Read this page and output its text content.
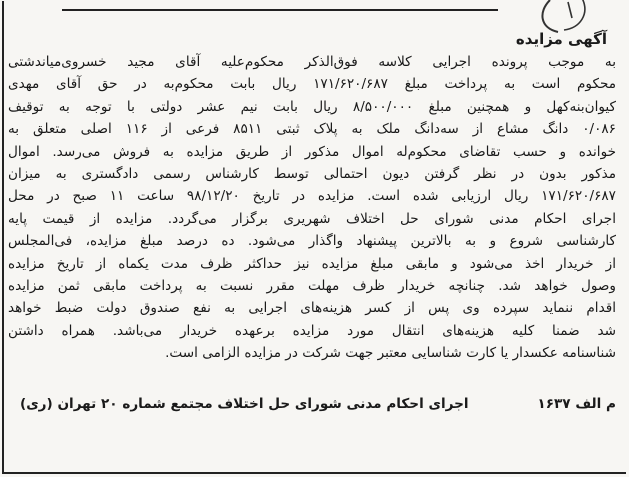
آگهی مزایده
به موجب پرونده اجرایی کلاسه فوق‌الذکر محکوم‌علیه آقای مجید خسروی‌میاندشتی
محکوم است به پرداخت مبلغ ۱۷۱/۶۲۰/۶۸۷ ریال بابت محکوم‌به در حق آقای مهدی
کیوان‌بنه‌کهل و همچنین مبلغ ۸/۵۰۰/۰۰۰ ریال بابت نیم عشر دولتی با توجه به توقیف
۰/۰۸۶ دانگ مشاع از سه‌دانگ ملک به پلاک ثبتی ۸۵۱۱ فرعی از ۱۱۶ اصلی متعلق به
خوانده و حسب تقاضای محکوم‌له اموال مذکور از طریق مزایده به فروش می‌رسد. اموال
مذکور بدون در نظر گرفتن دیون احتمالی توسط کارشناس رسمی دادگستری به میزان
۱۷۱/۶۲۰/۶۸۷ ریال ارزیابی شده است. مزایده در تاریخ ۹۸/۱۲/۲۰ ساعت ۱۱ صبح در محل
اجرای احکام مدنی شورای حل اختلاف شهریری برگزار می‌گردد. مزایده از قیمت پایه
کارشناسی شروع و به بالاترین پیشنهاد واگذار می‌شود. ده درصد مبلغ مزایده، فی‌المجلس
از خریدار اخذ می‌شود و مابقی مبلغ مزایده نیز حداکثر ظرف مدت یکماه از تاریخ مزایده
وصول خواهد شد. چنانچه خریدار ظرف مهلت مقرر نسبت به پرداخت مابقی ثمن مزایده
اقدام ننماید سپرده وی پس از کسر هزینه‌های اجرایی به نفع صندوق دولت ضبط خواهد
شد ضمنا کلیه هزینه‌های انتقال مورد مزایده برعهده خریدار می‌باشد. همراه داشتن
شناسنامه عکسدار یا کارت شناسایی معتبر جهت شرکت در مزایده الزامی است.
م الف ۱۶۳۷
اجرای احکام مدنی شورای حل اختلاف مجتمع شماره ۲۰ تهران (ری)
